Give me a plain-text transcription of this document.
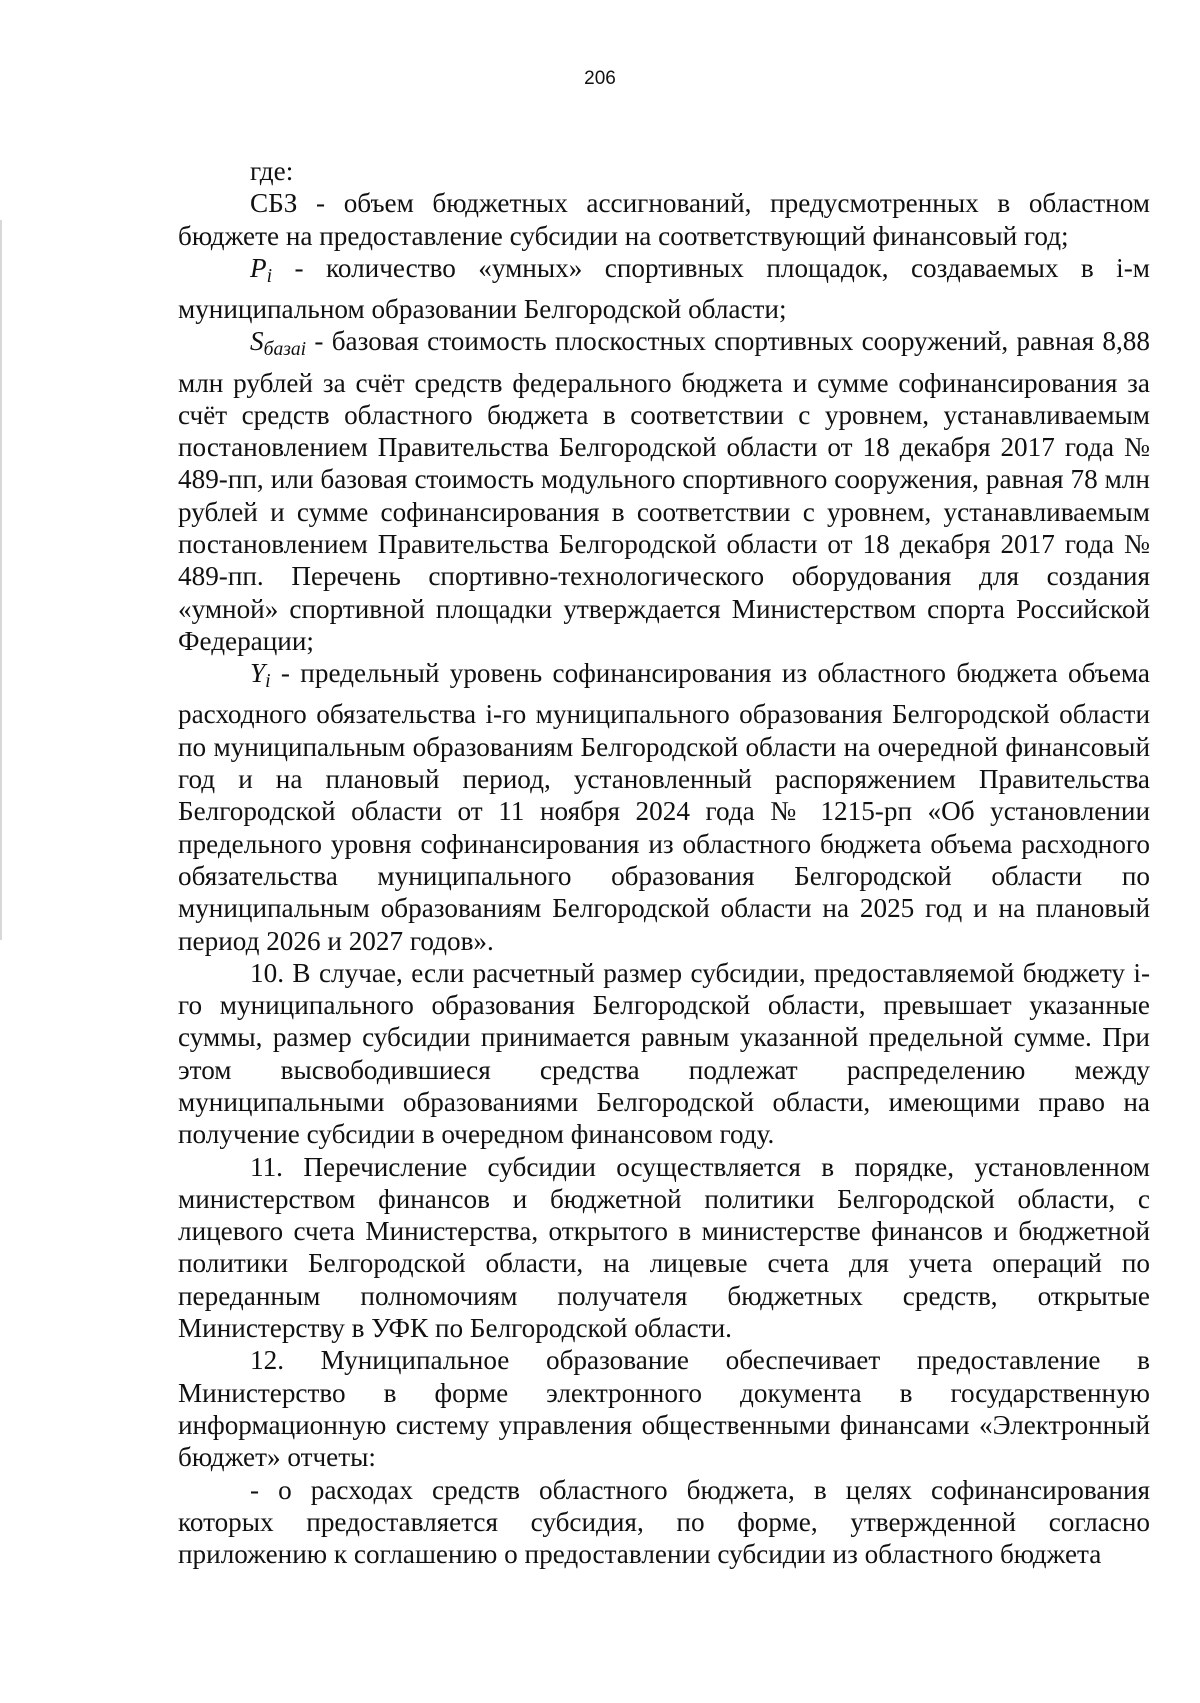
206

где:

СБЗ - объем бюджетных ассигнований, предусмотренных в областном бюджете на предоставление субсидии на соответствующий финансовый год;

$P_i$ - количество «умных» спортивных площадок, создаваемых в i-м муниципальном образовании Белгородской области;

$S_{базаi}$ - базовая стоимость плоскостных спортивных сооружений, равная 8,88 млн рублей за счёт средств федерального бюджета и сумме софинансирования за счёт средств областного бюджета в соответствии с уровнем, устанавливаемым постановлением Правительства Белгородской области от 18 декабря 2017 года № 489-пп, или базовая стоимость модульного спортивного сооружения, равная 78 млн рублей и сумме софинансирования в соответствии с уровнем, устанавливаемым постановлением Правительства Белгородской области от 18 декабря 2017 года № 489-пп. Перечень спортивно-технологического оборудования для создания «умной» спортивной площадки утверждается Министерством спорта Российской Федерации;

$Y_i$ - предельный уровень софинансирования из областного бюджета объема расходного обязательства i-го муниципального образования Белгородской области по муниципальным образованиям Белгородской области на очередной финансовый год и на плановый период, установленный распоряжением Правительства Белгородской области от 11 ноября 2024 года № 1215-рп «Об установлении предельного уровня софинансирования из областного бюджета объема расходного обязательства муниципального образования Белгородской области по муниципальным образованиям Белгородской области на 2025 год и на плановый период 2026 и 2027 годов».

10. В случае, если расчетный размер субсидии, предоставляемой бюджету i-го муниципального образования Белгородской области, превышает указанные суммы, размер субсидии принимается равным указанной предельной сумме. При этом высвободившиеся средства подлежат распределению между муниципальными образованиями Белгородской области, имеющими право на получение субсидии в очередном финансовом году.

11. Перечисление субсидии осуществляется в порядке, установленном министерством финансов и бюджетной политики Белгородской области, с лицевого счета Министерства, открытого в министерстве финансов и бюджетной политики Белгородской области, на лицевые счета для учета операций по переданным полномочиям получателя бюджетных средств, открытые Министерству в УФК по Белгородской области.

12. Муниципальное образование обеспечивает предоставление в Министерство в форме электронного документа в государственную информационную систему управления общественными финансами «Электронный бюджет» отчеты:

- о расходах средств областного бюджета, в целях софинансирования которых предоставляется субсидия, по форме, утвержденной согласно приложению к соглашению о предоставлении субсидии из областного бюджета
